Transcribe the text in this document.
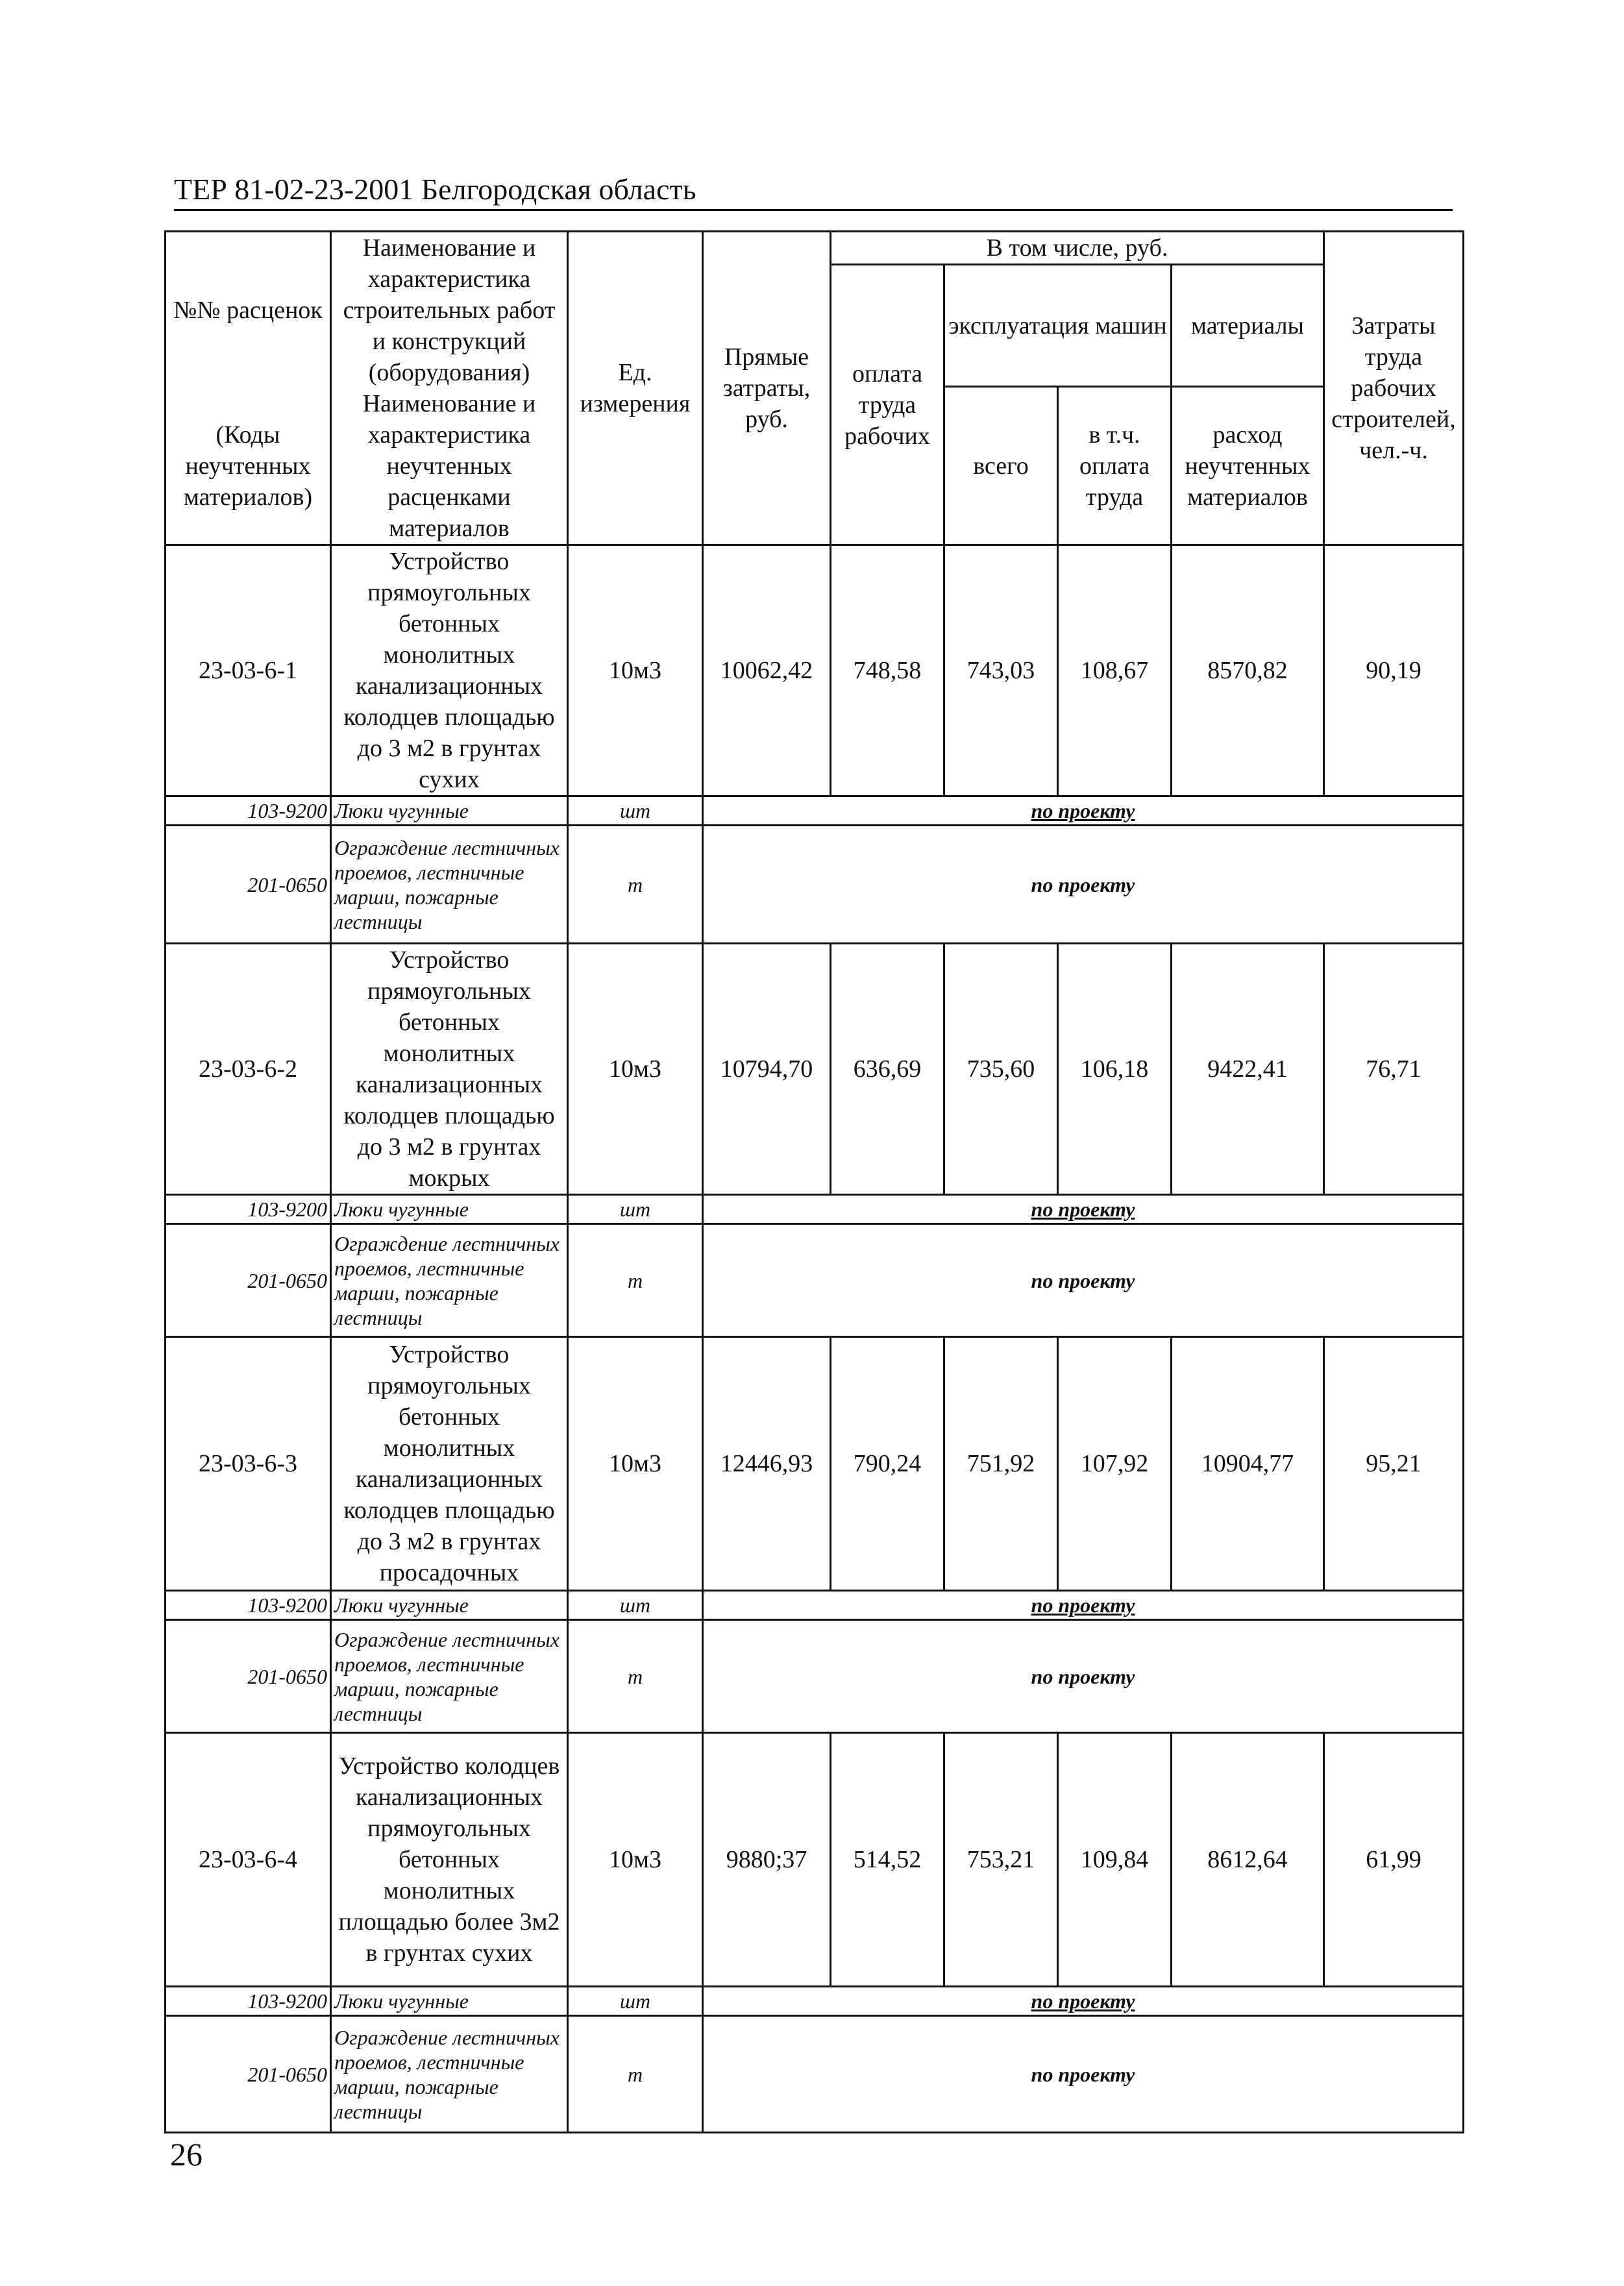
ТЕР 81-02-23-2001 Белгородская область
№№ расценок	Наименование и характеристика строительных работ и конструкций (оборудования)	Ед. измерения	Прямые затраты, руб.	В том числе, руб.				Затраты труда рабочих строителей, чел.-ч.
				оплата труда рабочих	эксплуатация машин		материалы	
					всего	в т.ч. оплата труда	расход неучтенных материалов	
(Коды неучтенных материалов)	Наименование и характеристика неучтенных расценками материалов							

23-03-6-1	Устройство прямоугольных бетонных монолитных канализационных колодцев площадью до 3 м2 в грунтах сухих	10м3	10062,42	748,58	743,03	108,67	8570,82	90,19
103-9200	Люки чугунные	шт	по проекту					
201-0650	Ограждение лестничных проемов, лестничные марши, пожарные лестницы	т	по проекту					
23-03-6-2	Устройство прямоугольных бетонных монолитных канализационных колодцев площадью до 3 м2 в грунтах мокрых	10м3	10794,70	636,69	735,60	106,18	9422,41	76,71
103-9200	Люки чугунные	шт	по проекту					
201-0650	Ограждение лестничных проемов, лестничные марши, пожарные лестницы	т	по проекту					
23-03-6-3	Устройство прямоугольных бетонных монолитных канализационных колодцев площадью до 3 м2 в грунтах просадочных	10м3	12446,93	790,24	751,92	107,92	10904,77	95,21
103-9200	Люки чугунные	шт	по проекту					
201-0650	Ограждение лестничных проемов, лестничные марши, пожарные лестницы	т	по проекту					
23-03-6-4	Устройство колодцев канализационных прямоугольных бетонных монолитных площадью более 3м2 в грунтах сухих	10м3	9880;37	514,52	753,21	109,84	8612,64	61,99
103-9200	Люки чугунные	шт	по проекту					
201-0650	Ограждение лестничных проемов, лестничные марши, пожарные лестницы	т	по проекту					
26
